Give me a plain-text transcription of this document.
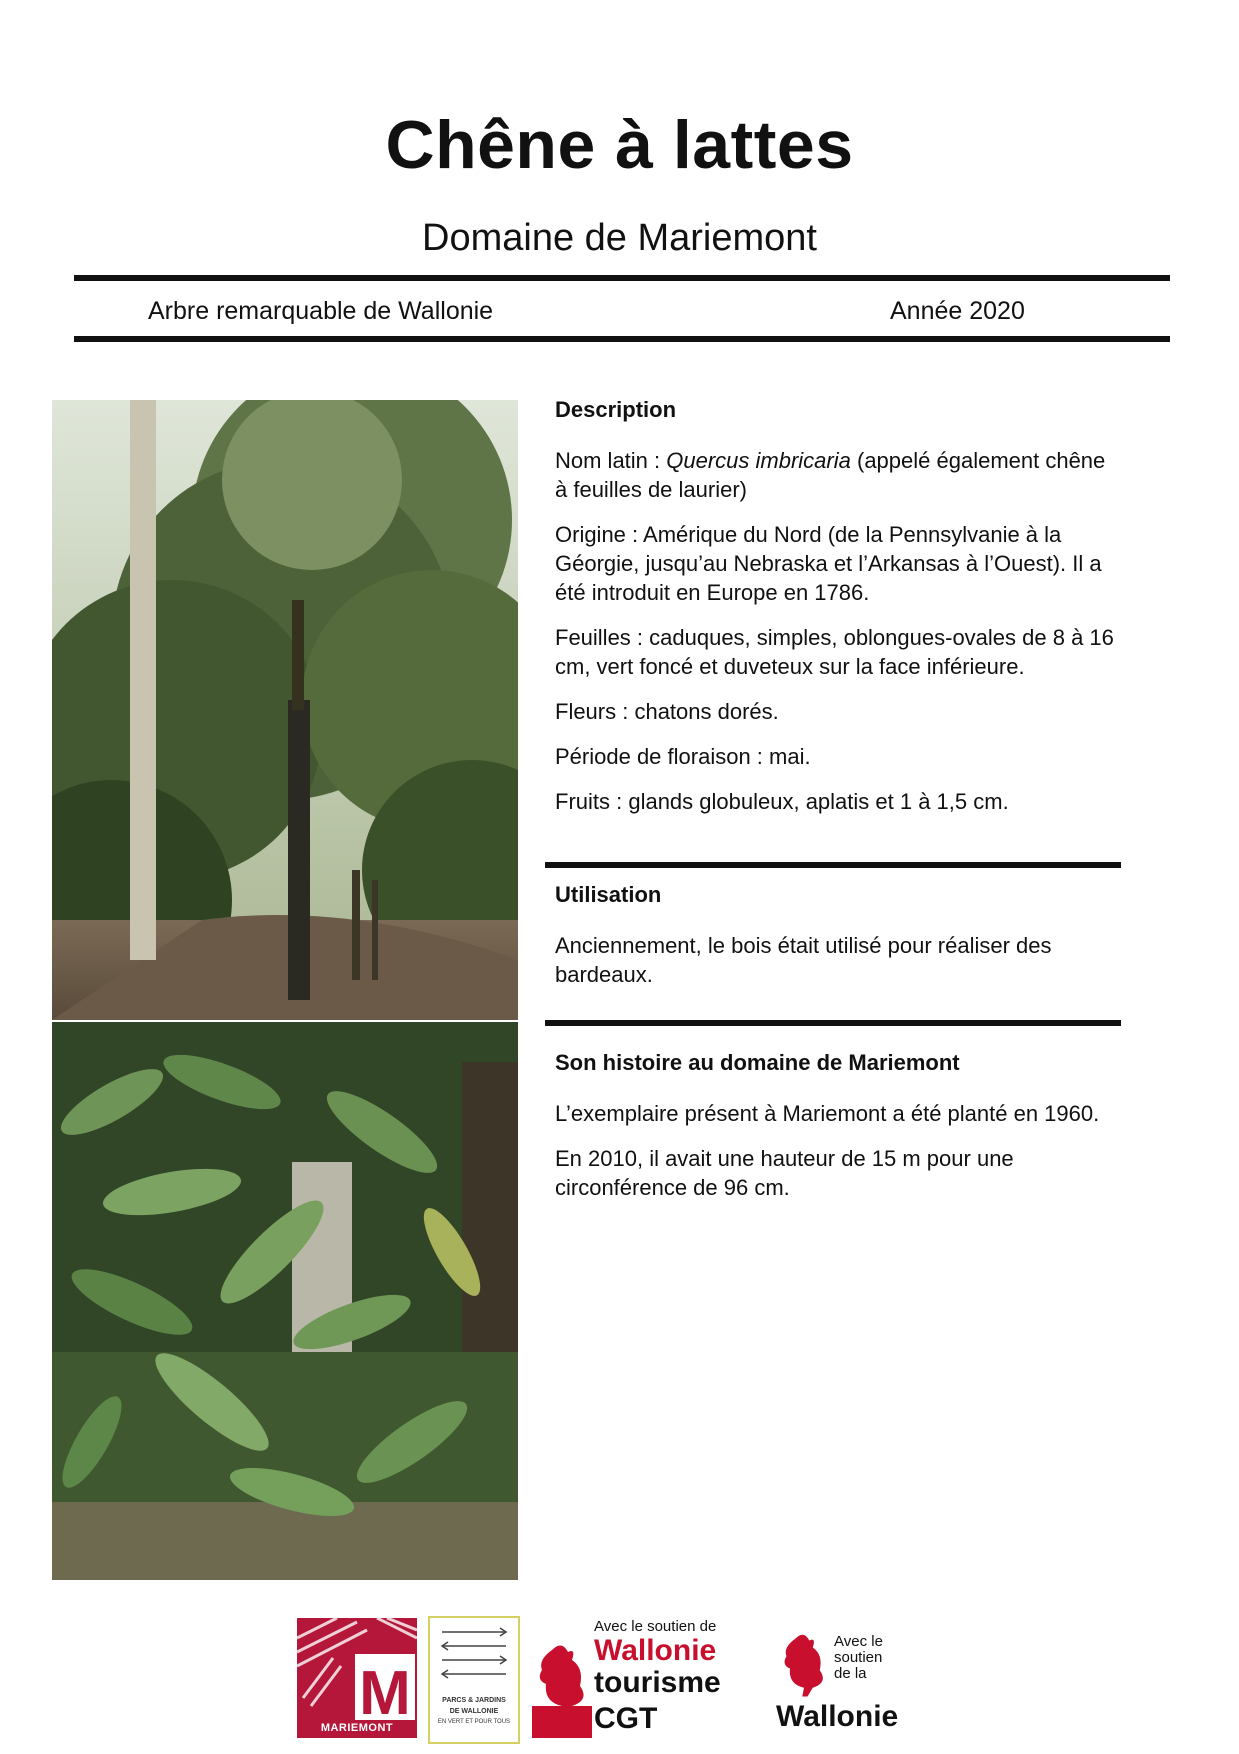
Chêne à lattes
Domaine de Mariemont
Arbre remarquable de Wallonie	Année 2020

Description

Nom latin : Quercus imbricaria (appelé également chêne à feuilles de laurier)

Origine : Amérique du Nord (de la Pennsylvanie à la Géorgie, jusqu’au Nebraska et l’Arkansas à l’Ouest). Il a été introduit en Europe en 1786.

Feuilles : caduques, simples, oblongues-ovales de 8 à 16 cm, vert foncé et duveteux sur la face inférieure.

Fleurs : chatons dorés.

Période de floraison : mai.

Fruits : glands globuleux, aplatis et 1 à 1,5 cm.

Utilisation

Anciennement, le bois était utilisé pour réaliser des bardeaux.

Son histoire au domaine de Mariemont

L’exemplaire présent à Mariemont a été planté en 1960.

En 2010, il avait une hauteur de 15 m pour une circonférence de 96 cm.

M
MARIEMONT
PARCS & JARDINS
DE WALLONIE
EN VERT ET POUR TOUS
Avec le soutien de
Wallonie
tourisme
CGT
Avec le
soutien
de la
Wallonie
